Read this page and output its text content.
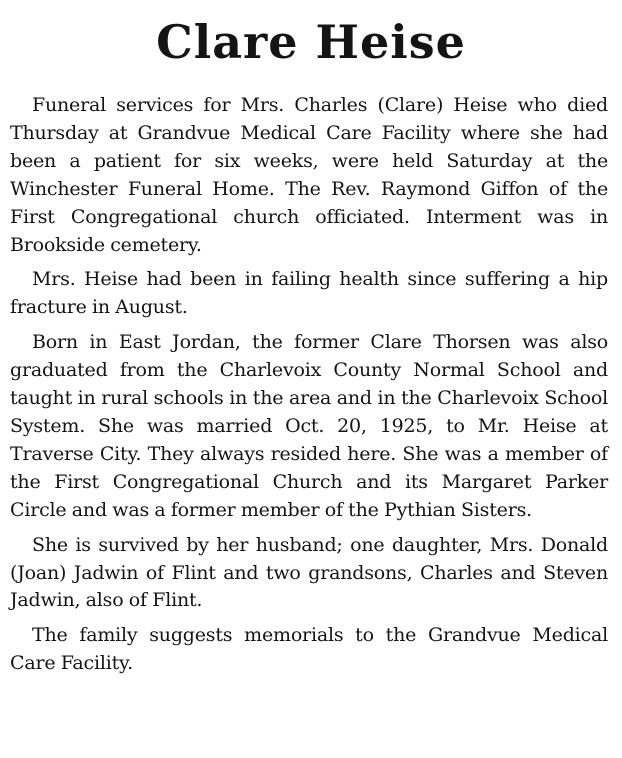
Clare Heise

Funeral services for Mrs. Charles (Clare) Heise who died Thursday at Grandvue Medical Care Facility where she had been a patient for six weeks, were held Saturday at the Winchester Funeral Home. The Rev. Raymond Giffon of the First Congregational church officiated. Interment was in Brookside cemetery.

Mrs. Heise had been in failing health since suffering a hip fracture in August.

Born in East Jordan, the former Clare Thorsen was also graduated from the Charlevoix County Normal School and taught in rural schools in the area and in the Charlevoix School System. She was married Oct. 20, 1925, to Mr. Heise at Traverse City. They always resided here. She was a member of the First Congregational Church and its Margaret Parker Circle and was a former member of the Pythian Sisters.

She is survived by her husband; one daughter, Mrs. Donald (Joan) Jadwin of Flint and two grandsons, Charles and Steven Jadwin, also of Flint.

The family suggests memorials to the Grandvue Medical Care Facility.
